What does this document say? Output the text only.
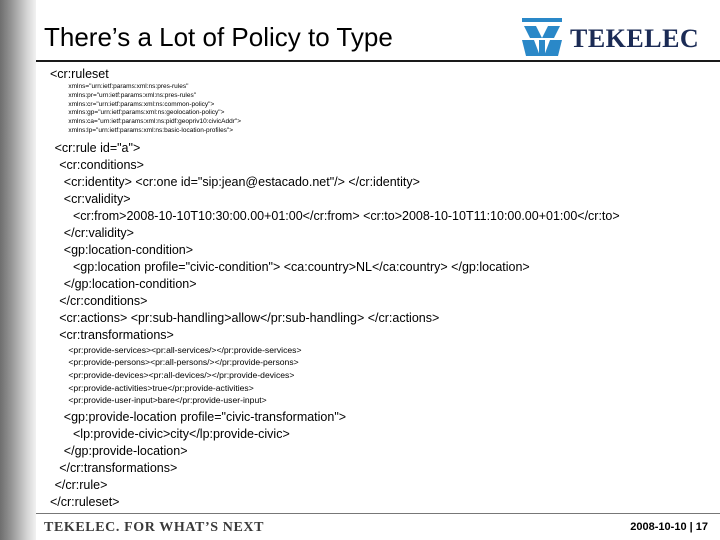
There’s a Lot of Policy to Type	TEKELEC
<cr:ruleset
xmlns="urn:ietf:params:xml:ns:pres-rules"
xmlns:pr="urn:ietf:params:xml:ns:pres-rules"
xmlns:cr="urn:ietf:params:xml:ns:common-policy">
xmlns:gp="urn:ietf:params:xml:ns:geolocation-policy">
xmlns:ca="urn:ietf:params:xml:ns:pidf:geopriv10:civicAddr">
xmlns:lp="urn:ietf:params:xml:ns:basic-location-profiles">
<cr:rule id="a">
<cr:conditions>
<cr:identity> <cr:one id="sip:jean@estacado.net"/> </cr:identity>
<cr:validity>
<cr:from>2008-10-10T10:30:00.00+01:00</cr:from> <cr:to>2008-10-10T11:10:00.00+01:00</cr:to>
</cr:validity>
<gp:location-condition>
<gp:location profile="civic-condition"> <ca:country>NL</ca:country> </gp:location>
</gp:location-condition>
</cr:conditions>
<cr:actions> <pr:sub-handling>allow</pr:sub-handling> </cr:actions>
<cr:transformations>
<pr:provide-services><pr:all-services/></pr:provide-services>
<pr:provide-persons><pr:all-persons/></pr:provide-persons>
<pr:provide-devices><pr:all-devices/></pr:provide-devices>
<pr:provide-activities>true</pr:provide-activities>
<pr:provide-user-input>bare</pr:provide-user-input>
<gp:provide-location profile="civic-transformation">
<lp:provide-civic>city</lp:provide-civic>
</gp:provide-location>
</cr:transformations>
</cr:rule>
</cr:ruleset>
TEKELEC. FOR WHAT’S NEXT	2008-10-10 | 17
